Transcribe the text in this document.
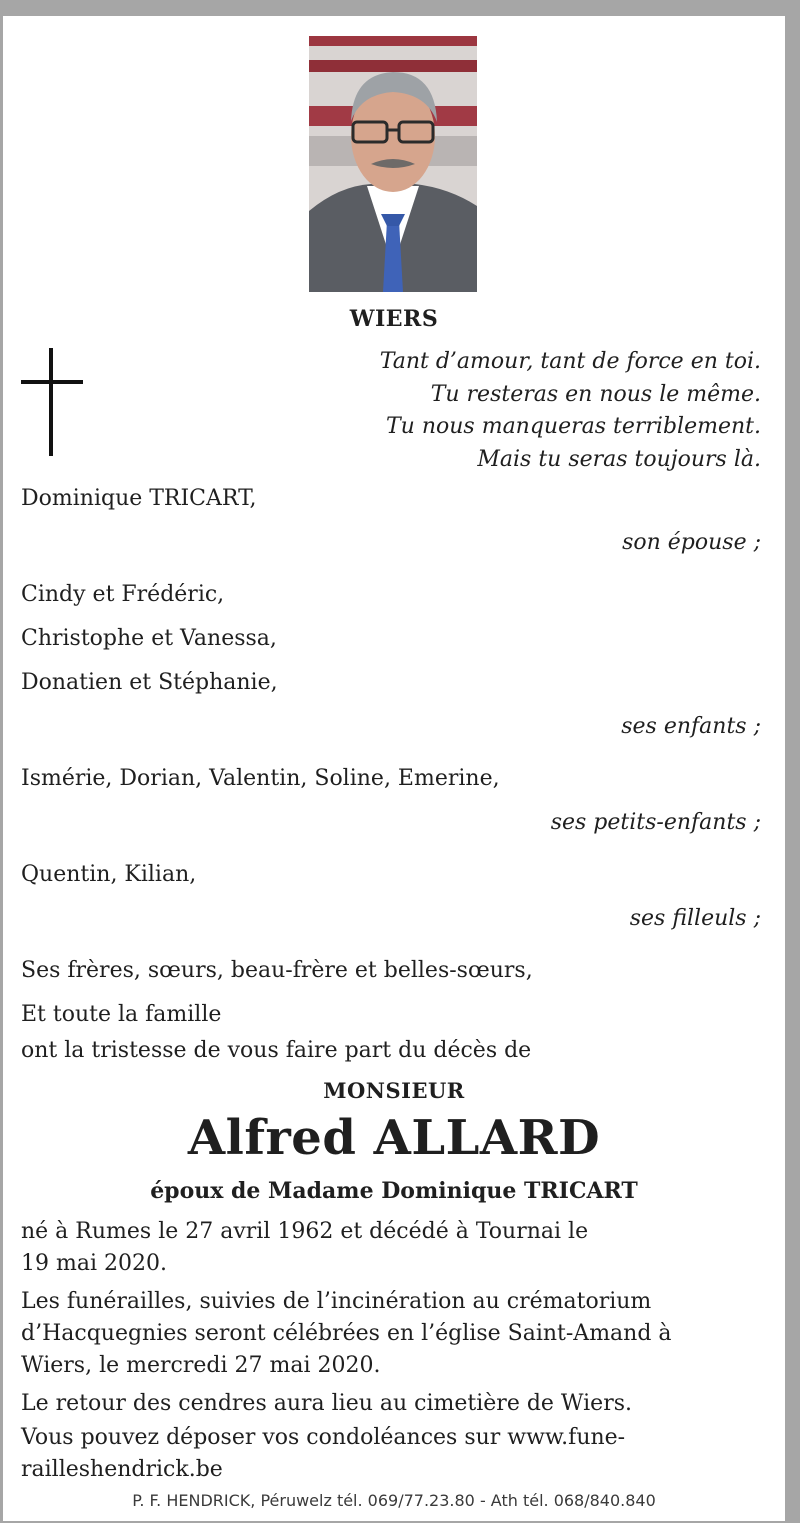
WIERS
Tant d’amour, tant de force en toi.
Tu resteras en nous le même.
Tu nous manqueras terriblement.
Mais tu seras toujours là.
Dominique TRICART,
son épouse ;
Cindy et Frédéric,
Christophe et Vanessa,
Donatien et Stéphanie,
ses enfants ;
Ismérie, Dorian, Valentin, Soline, Emerine,
ses petits-enfants ;
Quentin, Kilian,
ses filleuls ;
Ses frères, sœurs, beau-frère et belles-sœurs,
Et toute la famille
ont la tristesse de vous faire part du décès de
MONSIEUR
Alfred ALLARD
époux de Madame Dominique TRICART
né à Rumes le 27 avril 1962 et décédé à Tournai le
19 mai 2020.
Les funérailles, suivies de l’incinération au crématorium
d’Hacquegnies seront célébrées en l’église Saint-Amand à
Wiers, le mercredi 27 mai 2020.
Le retour des cendres aura lieu au cimetière de Wiers.
Vous pouvez déposer vos condoléances sur www.fune-
railleshendrick.be
P. F. HENDRICK, Péruwelz tél. 069/77.23.80 - Ath tél. 068/840.840
